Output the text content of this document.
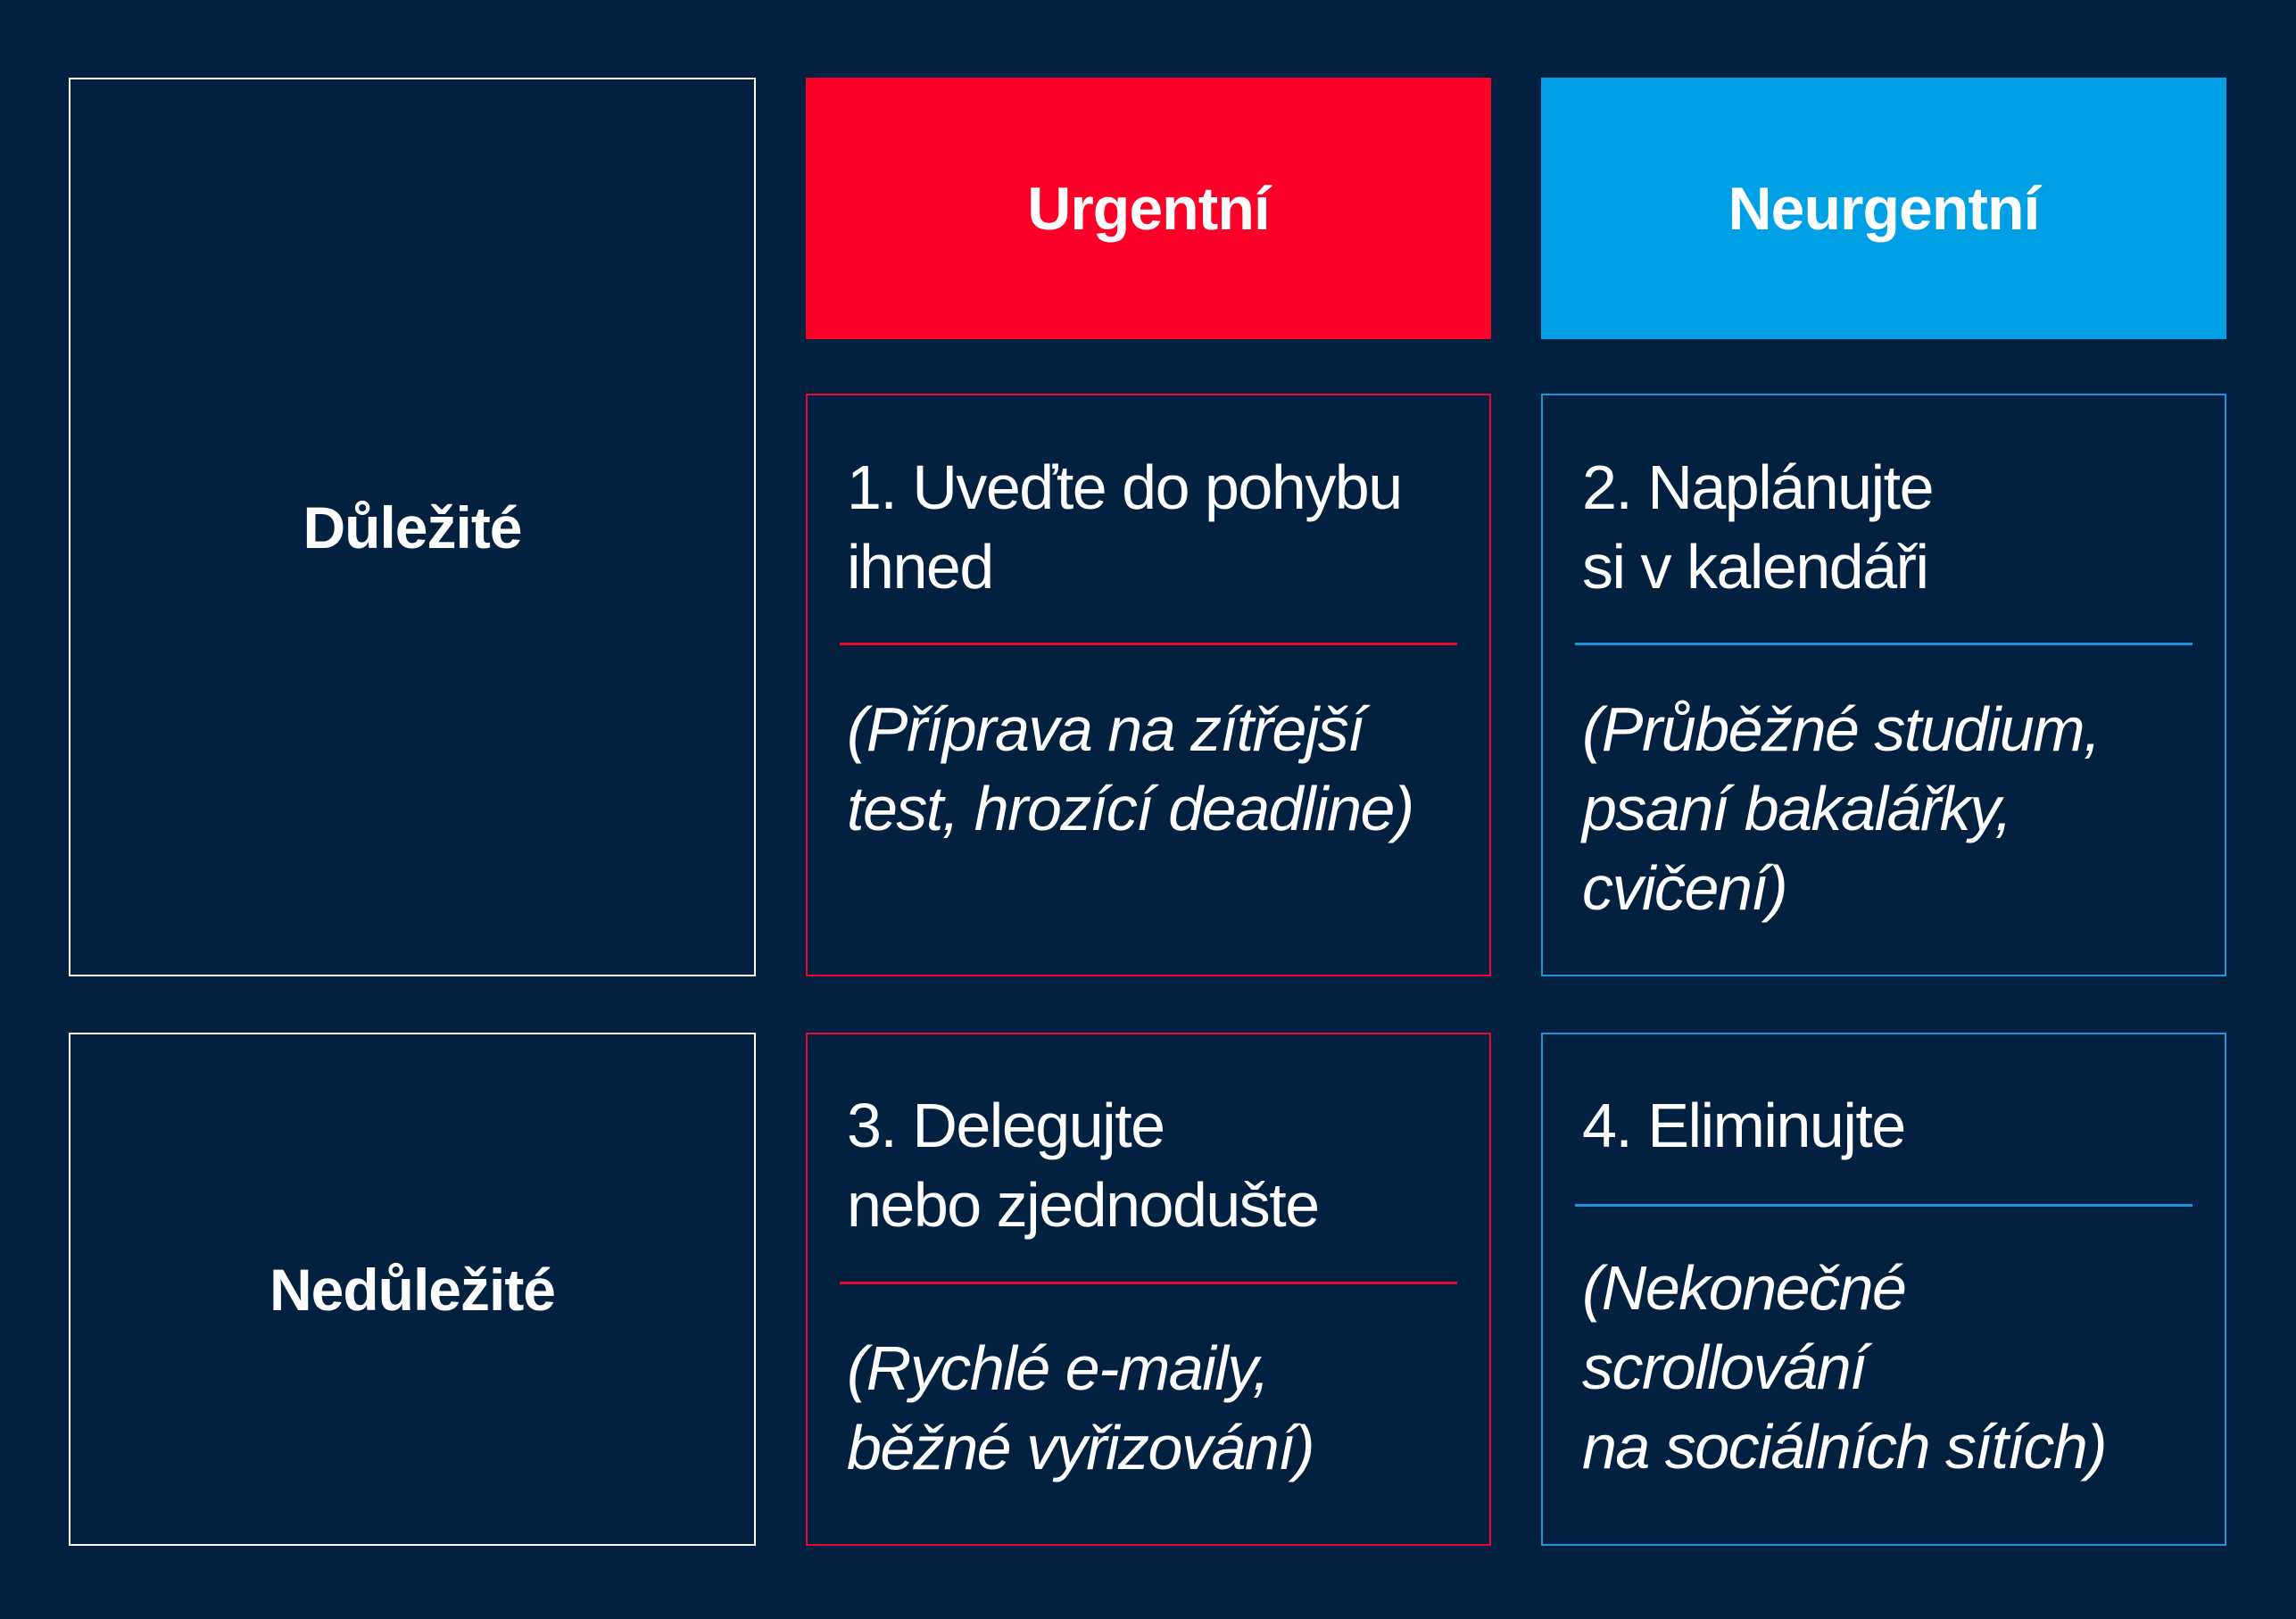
Důležité
Nedůležité
Urgentní	Neurgentní
1. Uveďte do pohybu
ihned
(Příprava na zítřejší
test, hrozící deadline)
2. Naplánujte
si v kalendáři
(Průběžné studium,
psaní bakalářky,
cvičení)
3. Delegujte
nebo zjednodušte
(Rychlé e-maily,
běžné vyřizování)
4. Eliminujte
(Nekonečné
scrollování
na sociálních sítích)
